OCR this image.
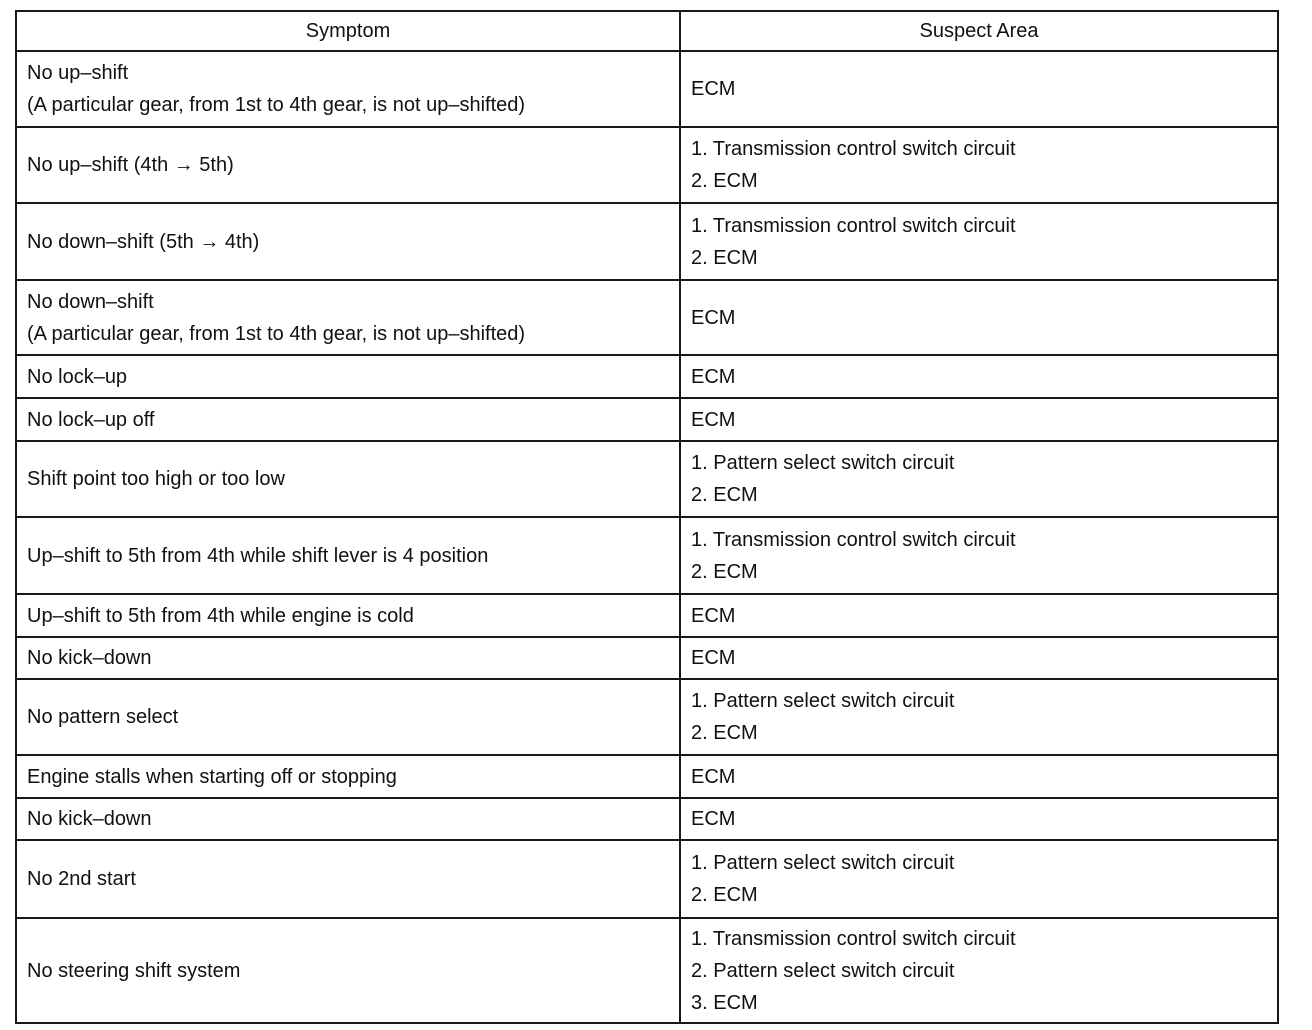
Symptom	Suspect Area

No up–shift
(A particular gear, from 1st to 4th gear, is not up–shifted)	ECM

No up–shift (4th → 5th)	1. Transmission control switch circuit
2. ECM

No down–shift (5th → 4th)	1. Transmission control switch circuit
2. ECM

No down–shift
(A particular gear, from 1st to 4th gear, is not up–shifted)	ECM

No lock–up	ECM

No lock–up off	ECM

Shift point too high or too low	1. Pattern select switch circuit
2. ECM

Up–shift to 5th from 4th while shift lever is 4 position	1. Transmission control switch circuit
2. ECM

Up–shift to 5th from 4th while engine is cold	ECM

No kick–down	ECM

No pattern select	1. Pattern select switch circuit
2. ECM

Engine stalls when starting off or stopping	ECM

No kick–down	ECM

No 2nd start	1. Pattern select switch circuit
2. ECM

No steering shift system	1. Transmission control switch circuit
2. Pattern select switch circuit
3. ECM
